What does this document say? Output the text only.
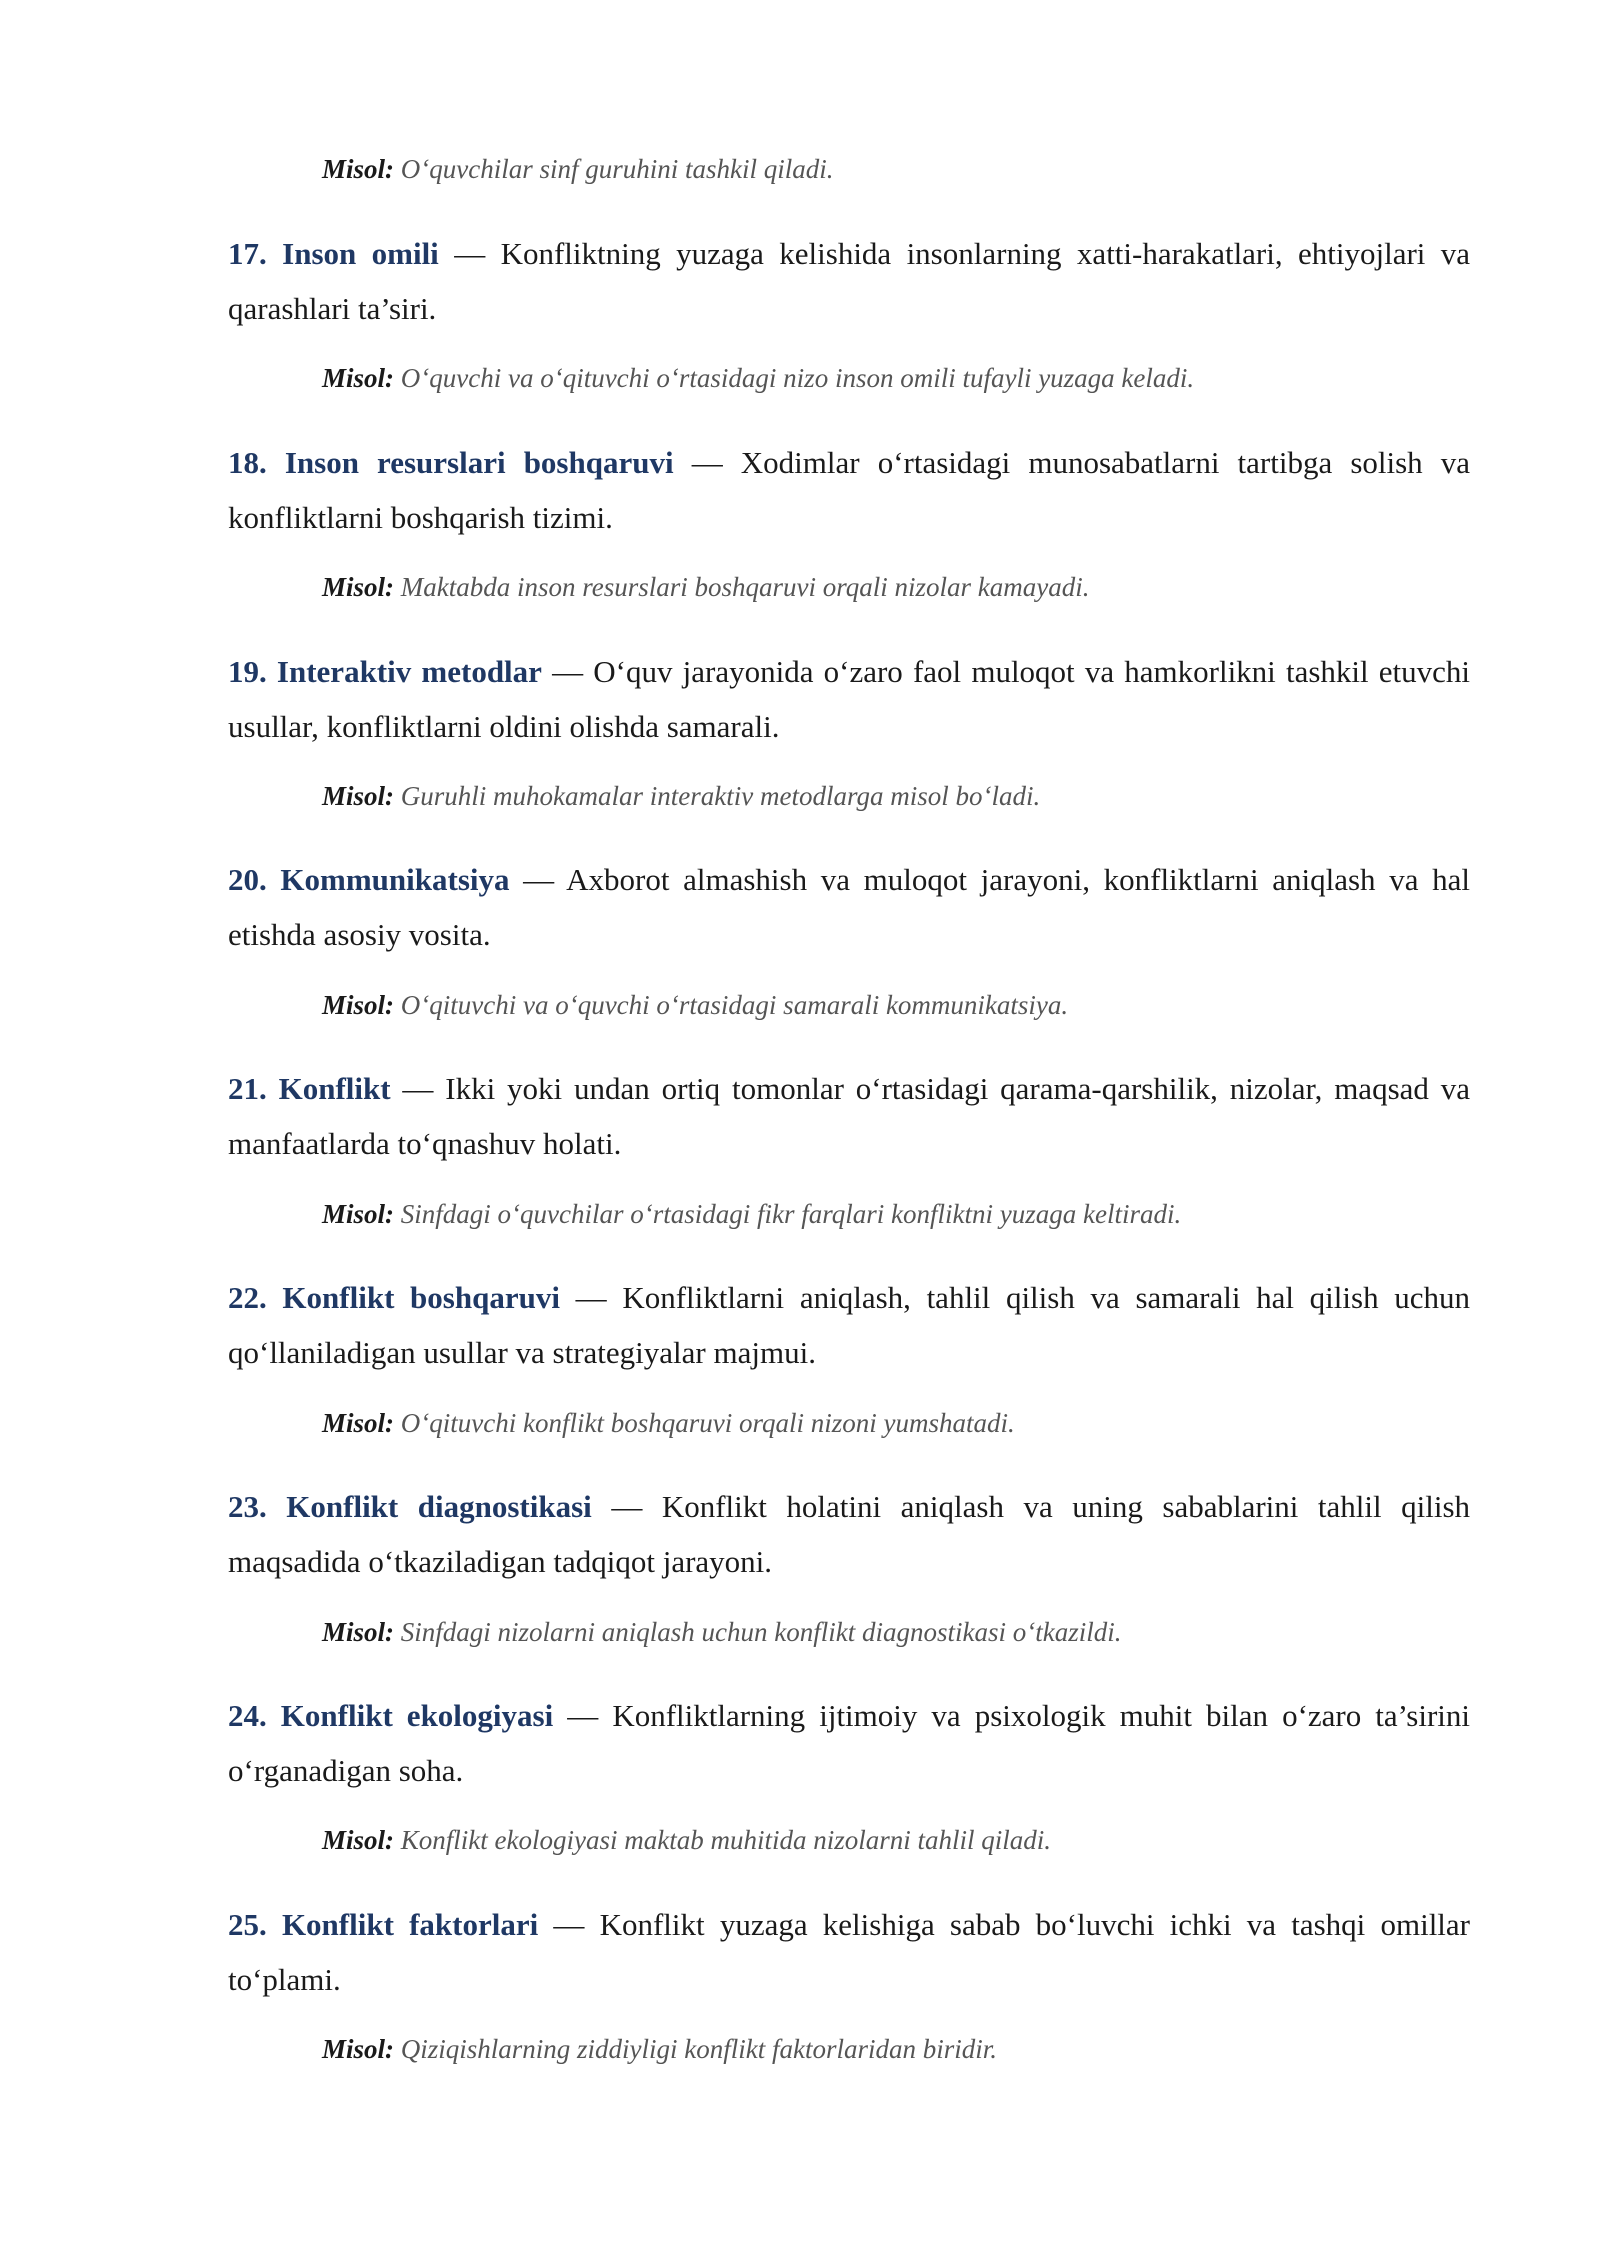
Misol: O‘quvchilar sinf guruhini tashkil qiladi.

17. Inson omili — Konfliktning yuzaga kelishida insonlarning xatti-harakatlari, ehtiyojlari va qarashlari ta’siri.

Misol: O‘quvchi va o‘qituvchi o‘rtasidagi nizo inson omili tufayli yuzaga keladi.

18. Inson resurslari boshqaruvi — Xodimlar o‘rtasidagi munosabatlarni tartibga solish va konfliktlarni boshqarish tizimi.

Misol: Maktabda inson resurslari boshqaruvi orqali nizolar kamayadi.

19. Interaktiv metodlar — O‘quv jarayonida o‘zaro faol muloqot va hamkorlikni tashkil etuvchi usullar, konfliktlarni oldini olishda samarali.

Misol: Guruhli muhokamalar interaktiv metodlarga misol bo‘ladi.

20. Kommunikatsiya — Axborot almashish va muloqot jarayoni, konfliktlarni aniqlash va hal etishda asosiy vosita.

Misol: O‘qituvchi va o‘quvchi o‘rtasidagi samarali kommunikatsiya.

21. Konflikt — Ikki yoki undan ortiq tomonlar o‘rtasidagi qarama-qarshilik, nizolar, maqsad va manfaatlarda to‘qnashuv holati.

Misol: Sinfdagi o‘quvchilar o‘rtasidagi fikr farqlari konfliktni yuzaga keltiradi.

22. Konflikt boshqaruvi — Konfliktlarni aniqlash, tahlil qilish va samarali hal qilish uchun qo‘llaniladigan usullar va strategiyalar majmui.

Misol: O‘qituvchi konflikt boshqaruvi orqali nizoni yumshatadi.

23. Konflikt diagnostikasi — Konflikt holatini aniqlash va uning sabablarini tahlil qilish maqsadida o‘tkaziladigan tadqiqot jarayoni.

Misol: Sinfdagi nizolarni aniqlash uchun konflikt diagnostikasi o‘tkazildi.

24. Konflikt ekologiyasi — Konfliktlarning ijtimoiy va psixologik muhit bilan o‘zaro ta’sirini o‘rganadigan soha.

Misol: Konflikt ekologiyasi maktab muhitida nizolarni tahlil qiladi.

25. Konflikt faktorlari — Konflikt yuzaga kelishiga sabab bo‘luvchi ichki va tashqi omillar to‘plami.

Misol: Qiziqishlarning ziddiyligi konflikt faktorlaridan biridir.
